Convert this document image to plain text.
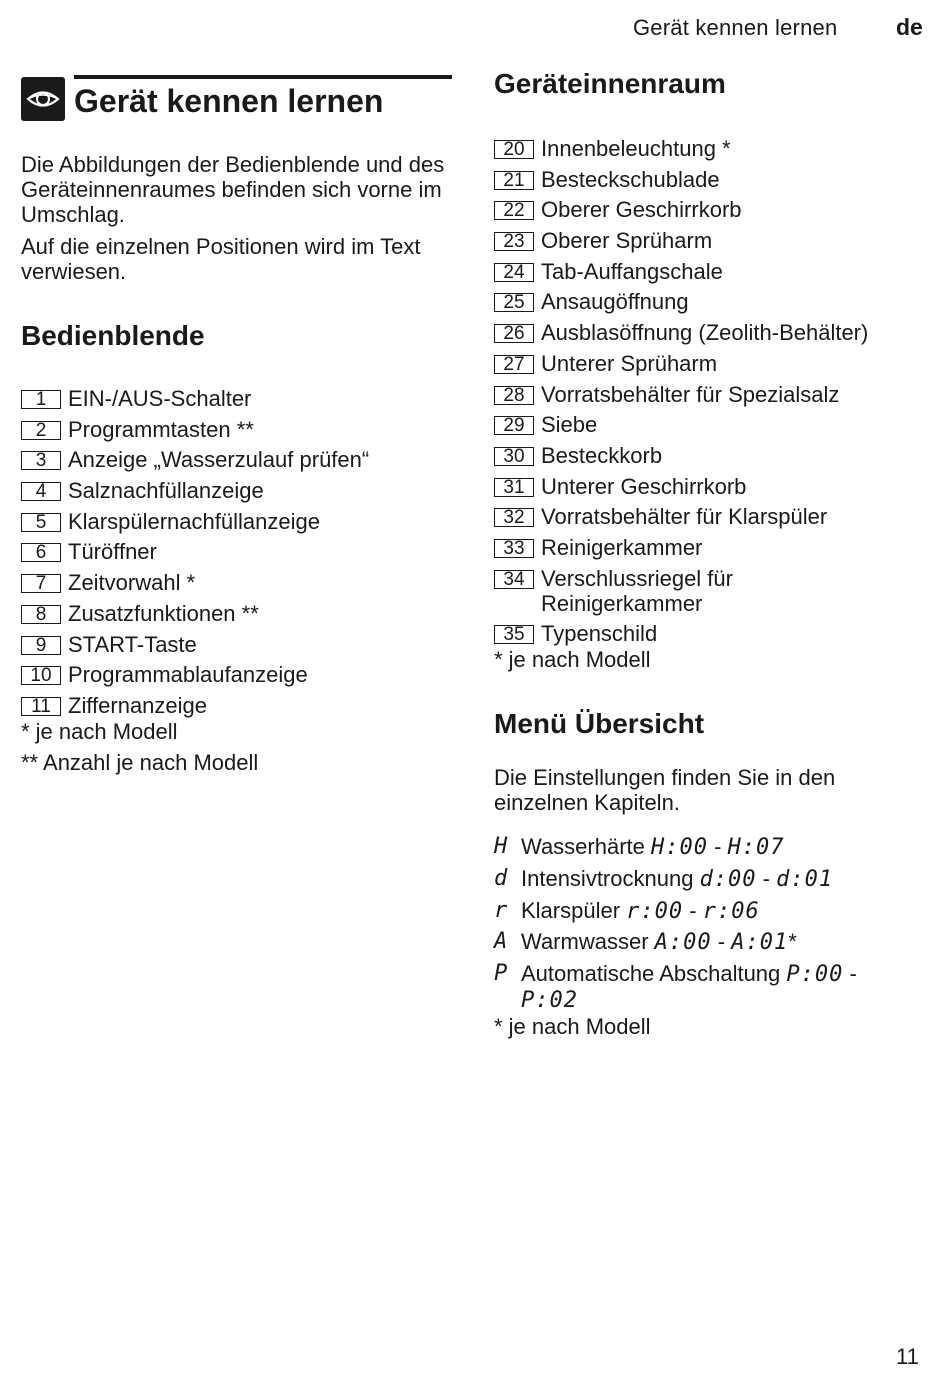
Gerät kennen lernen	de
Gerät kennen lernen

Die Abbildungen der Bedienblende und des Geräteinnenraumes befinden sich vorne im Umschlag.

Auf die einzelnen Positionen wird im Text verwiesen.

Bedienblende
1 EIN-/AUS-Schalter
2 Programmtasten **
3 Anzeige „Wasserzulauf prüfen“
4 Salznachfüllanzeige
5 Klarspülernachfüllanzeige
6 Türöffner
7 Zeitvorwahl *
8 Zusatzfunktionen **
9 START-Taste
10 Programmablaufanzeige
11 Ziffernanzeige

* je nach Modell

** Anzahl je nach Modell

Geräteinnenraum
20 Innenbeleuchtung *
21 Besteckschublade
22 Oberer Geschirrkorb
23 Oberer Sprüharm
24 Tab-Auffangschale
25 Ansaugöffnung
26 Ausblasöffnung (Zeolith-Behälter)
27 Unterer Sprüharm
28 Vorratsbehälter für Spezialsalz
29 Siebe
30 Besteckkorb
31 Unterer Geschirrkorb
32 Vorratsbehälter für Klarspüler
33 Reinigerkammer
34 Verschlussriegel für Reinigerkammer
35 Typenschild

* je nach Modell

Menü Übersicht

Die Einstellungen finden Sie in den einzelnen Kapiteln.

H Wasserhärte H:00 - H:07
d Intensivtrocknung d:00 - d:01
r Klarspüler r:00 - r:06
A Warmwasser A:00 - A:01*
P Automatische Abschaltung P:00 - P:02

* je nach Modell

11
